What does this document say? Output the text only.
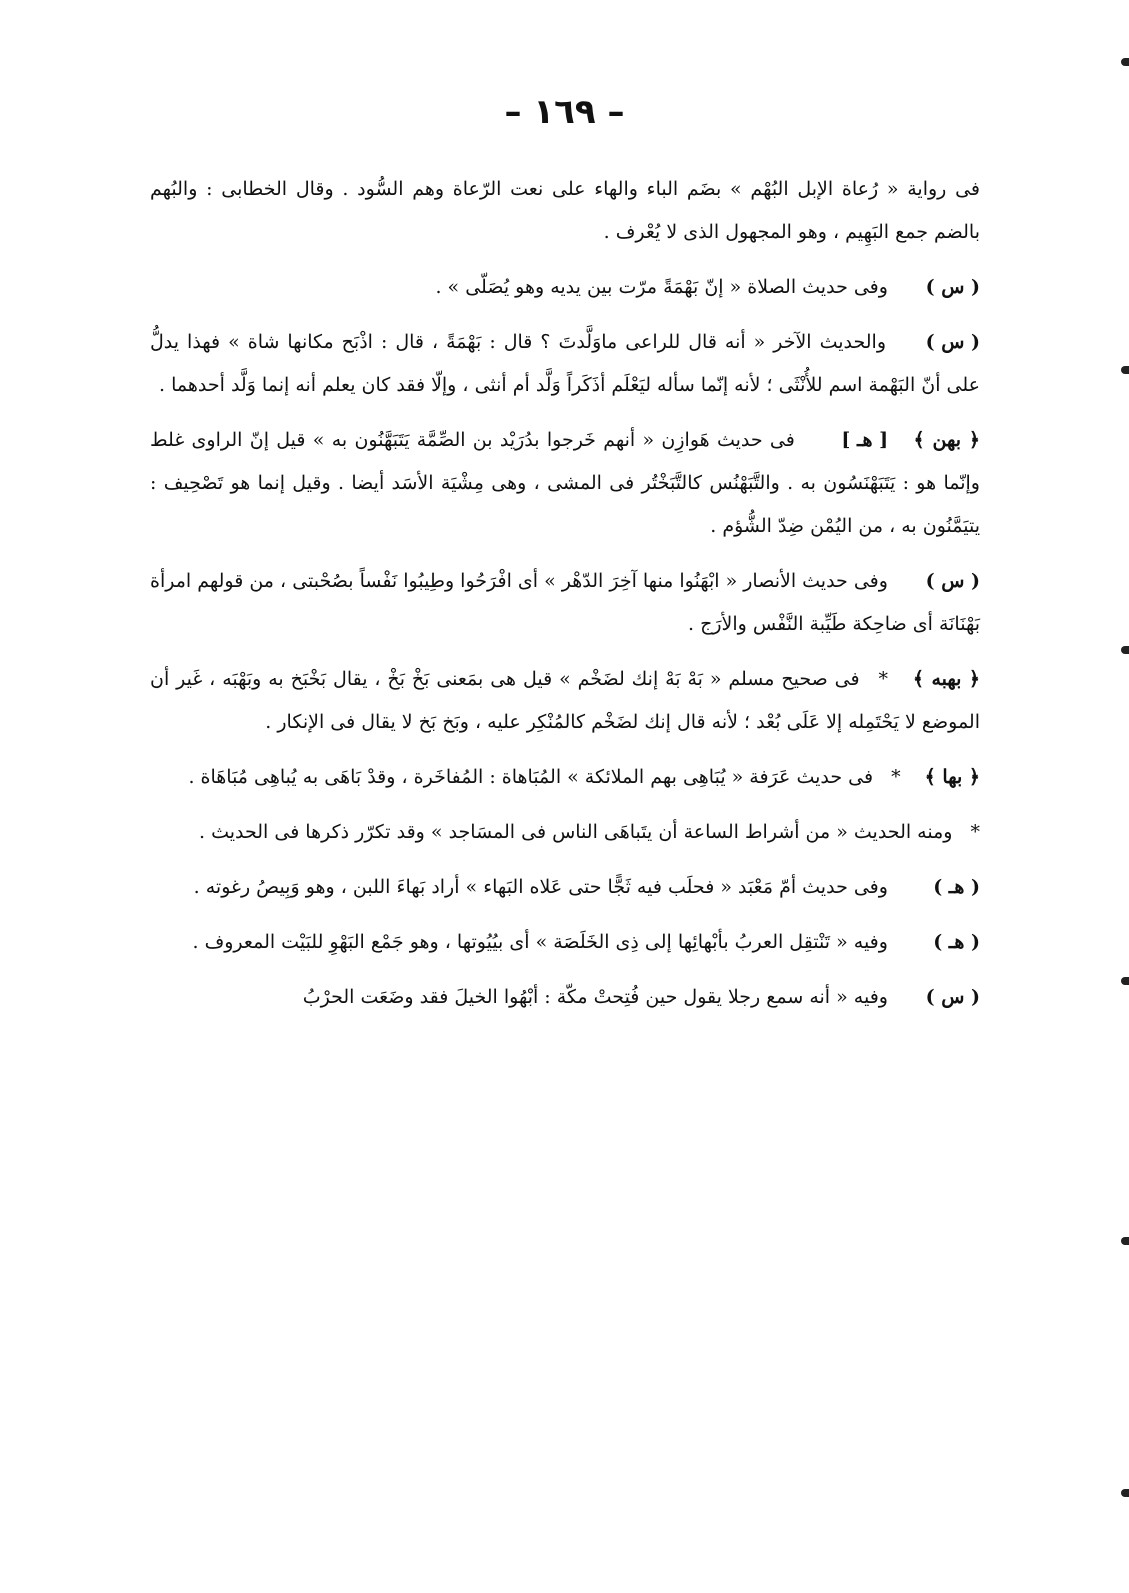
– ١٦٩ –

فى رواية « رُعاة الإبل البُهْم » بضَم الباء والهاء على نعت الرّعاة وهم السُّود . وقال الخطابى : والبُهم بالضم جمع البَهِيم ، وهو المجهول الذى لا يُعْرف .

( س ) وفى حديث الصلاة « إنّ بَهْمَةً مرّت بين يديه وهو يُصَلّى » .

( س ) والحديث الآخر « أنه قال للراعى ماوَلَّدتَ ؟ قال : بَهْمَةً ، قال : اذْبَح مكانها شاة » فهذا يدلُّ على أنّ البَهْمة اسم للأُنْثَى ؛ لأنه إنّما سأله ليَعْلَم أذَكَراً وَلَّد أم أنثى ، وإلّا فقد كان يعلم أنه إنما وَلَّد أحدهما .

﴿ بهن ﴾ [ هـ ] فى حديث هَوازِن « أنهم خَرجوا بدُرَيْد بن الصِّمَّة يَتَبَهَّنُون به » قيل إنّ الراوى غلط وإنّما هو : يَتَبَهْنَسُون به . والتَّبَهْنُس كالتَّبَخْتُر فى المشى ، وهى مِشْيَة الأسَد أيضا . وقيل إنما هو تَصْحِيف : يتيَمَّنُون به ، من اليُمْن ضِدّ الشُّؤم .

( س ) وفى حديث الأنصار « ابْهَنُوا منها آخِرَ الدّهْر » أى افْرَحُوا وطِيبُوا نَفْساً بصُحْبتى ، من قولهم امرأة بَهْنَانَة أى ضاحِكة طَيِّبة النَّفْس والأرَج .

﴿ بهبه ﴾ * فى صحيح مسلم « بَهْ بَهْ إنك لضَخْم » قيل هى بمَعنى بَخْ بَخْ ، يقال بَخْبَخ به وبَهْبَه ، غَير أن الموضع لا يَحْتَمِله إلا عَلَى بُعْد ؛ لأنه قال إنك لضَخْم كالمُنْكِر عليه ، وبَخ بَخ لا يقال فى الإنكار .

﴿ بها ﴾ * فى حديث عَرَفة « يُبَاهِى بهم الملائكة » المُبَاهاة : المُفاخَرة ، وقدْ بَاهَى به يُباهِى مُبَاهَاة .

* ومنه الحديث « من أشراط الساعة أن يتَباهَى الناس فى المسَاجد » وقد تكرّر ذكرها فى الحديث .

( هـ ) وفى حديث أمّ مَعْبَد « فحلَب فيه ثَجًّا حتى عَلاه البَهاء » أراد بَهاءَ اللبن ، وهو وَبِيصُ رغوته .

( هـ ) وفيه « تَنْتقِل العربُ بأبْهائِها إلى ذِى الخَلَصَة » أى بيُيُوتها ، وهو جَمْع البَهْوِ للبَيْت المعروف .

( س ) وفيه « أنه سمع رجلا يقول حين فُتِحتْ مكّة : أبْهُوا الخيلَ فقد وضَعَت الحرْبُ
